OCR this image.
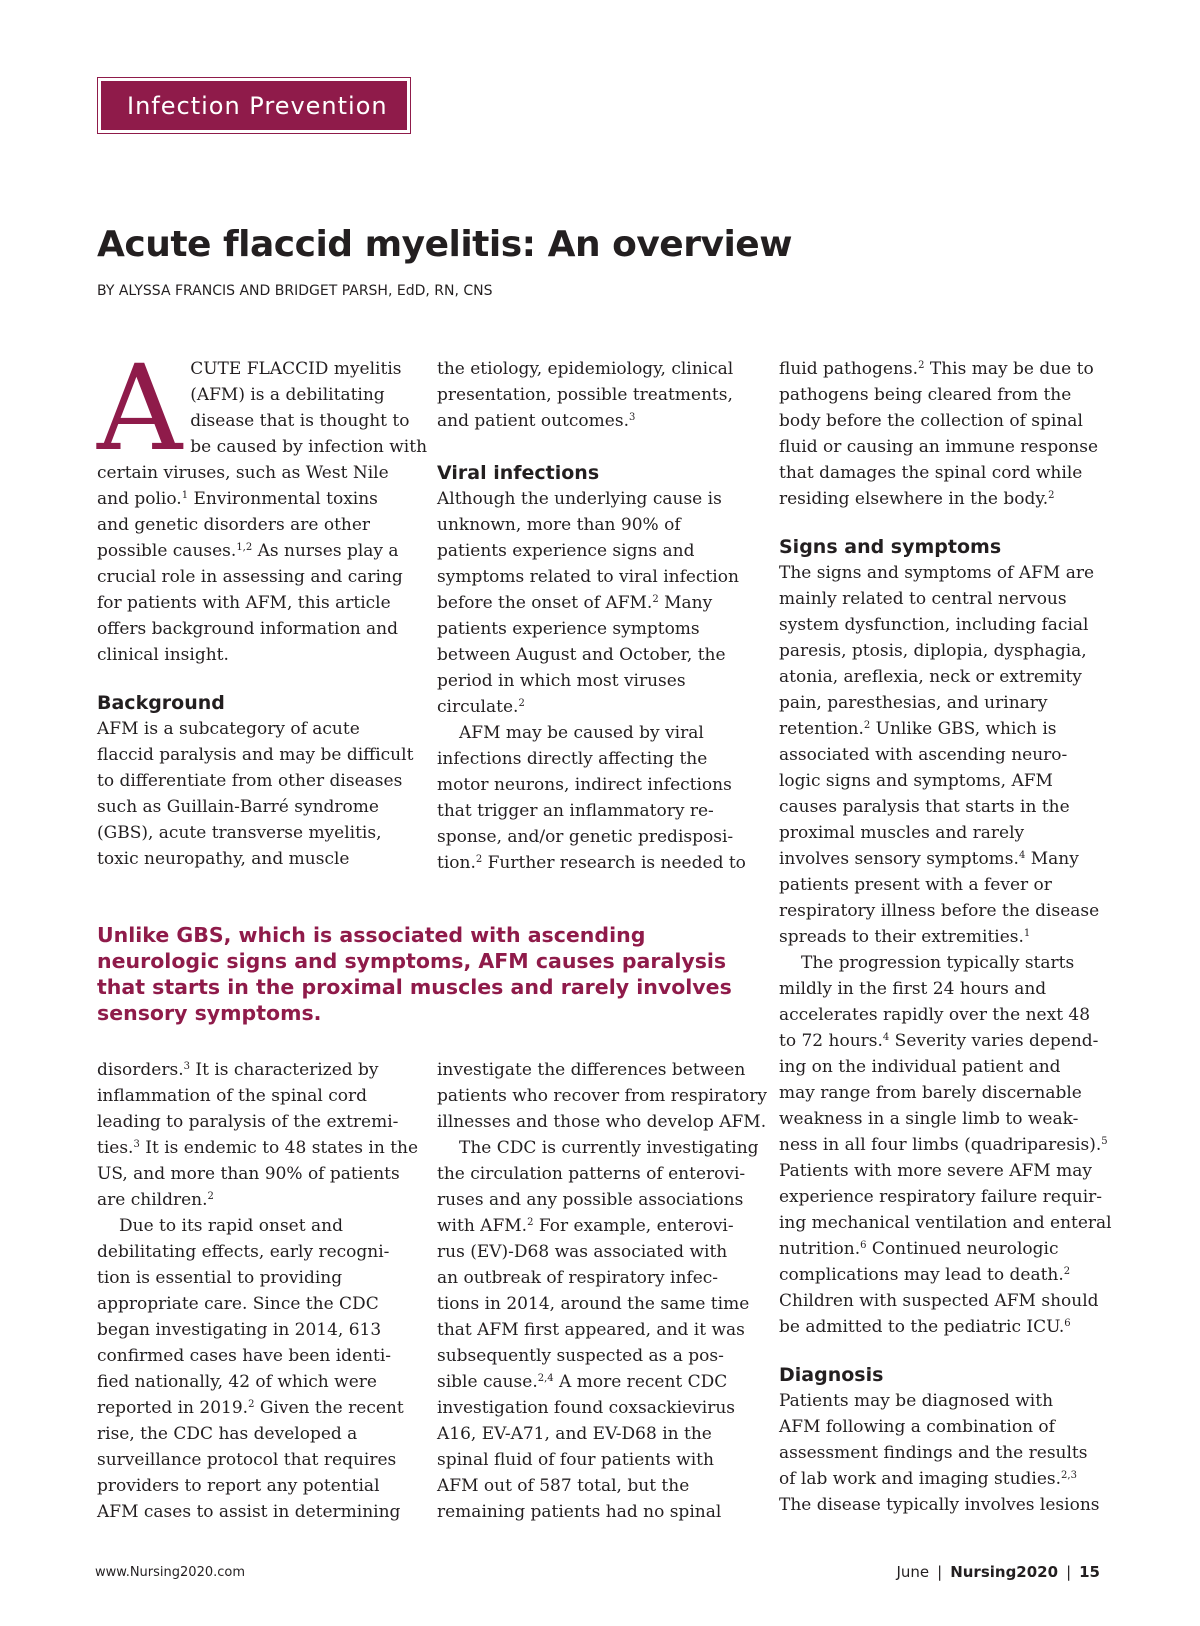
Infection Prevention
Acute flaccid myelitis: An overview
BY ALYSSA FRANCIS AND BRIDGET PARSH, EdD, RN, CNS

ACUTE FLACCID myelitis
(AFM) is a debilitating
disease that is thought to
be caused by infection with
certain viruses, such as West Nile
and polio.$^1$ Environmental toxins
and genetic disorders are other
possible causes.$^{1,2}$ As nurses play a
crucial role in assessing and caring
for patients with AFM, this article
offers background information and
clinical insight.

Background

AFM is a subcategory of acute
flaccid paralysis and may be difficult
to differentiate from other diseases
such as Guillain-Barré syndrome
(GBS), acute transverse myelitis,
toxic neuropathy, and muscle

the etiology, epidemiology, clinical
presentation, possible treatments,
and patient outcomes.$^3$

Viral infections

Although the underlying cause is
unknown, more than 90% of
patients experience signs and
symptoms related to viral infection
before the onset of AFM.$^2$ Many
patients experience symptoms
between August and October, the
period in which most viruses
circulate.$^2$

AFM may be caused by viral
infections directly affecting the
motor neurons, indirect infections
that trigger an inflammatory re-
sponse, and/or genetic predisposi-
tion.$^2$ Further research is needed to

Unlike GBS, which is associated with ascending
neurologic signs and symptoms, AFM causes paralysis
that starts in the proximal muscles and rarely involves
sensory symptoms.

disorders.$^3$ It is characterized by
inflammation of the spinal cord
leading to paralysis of the extremi-
ties.$^3$ It is endemic to 48 states in the
US, and more than 90% of patients
are children.$^2$

Due to its rapid onset and
debilitating effects, early recogni-
tion is essential to providing
appropriate care. Since the CDC
began investigating in 2014, 613
confirmed cases have been identi-
fied nationally, 42 of which were
reported in 2019.$^2$ Given the recent
rise, the CDC has developed a
surveillance protocol that requires
providers to report any potential
AFM cases to assist in determining

investigate the differences between
patients who recover from respiratory
illnesses and those who develop AFM.

The CDC is currently investigating
the circulation patterns of enterovi-
ruses and any possible associations
with AFM.$^2$ For example, enterovi-
rus (EV)-D68 was associated with
an outbreak of respiratory infec-
tions in 2014, around the same time
that AFM first appeared, and it was
subsequently suspected as a pos-
sible cause.$^{2,4}$ A more recent CDC
investigation found coxsackievirus
A16, EV-A71, and EV-D68 in the
spinal fluid of four patients with
AFM out of 587 total, but the
remaining patients had no spinal

fluid pathogens.$^2$ This may be due to
pathogens being cleared from the
body before the collection of spinal
fluid or causing an immune response
that damages the spinal cord while
residing elsewhere in the body.$^2$

Signs and symptoms

The signs and symptoms of AFM are
mainly related to central nervous
system dysfunction, including facial
paresis, ptosis, diplopia, dysphagia,
atonia, areflexia, neck or extremity
pain, paresthesias, and urinary
retention.$^2$ Unlike GBS, which is
associated with ascending neuro-
logic signs and symptoms, AFM
causes paralysis that starts in the
proximal muscles and rarely
involves sensory symptoms.$^4$ Many
patients present with a fever or
respiratory illness before the disease
spreads to their extremities.$^1$

The progression typically starts
mildly in the first 24 hours and
accelerates rapidly over the next 48
to 72 hours.$^4$ Severity varies depend-
ing on the individual patient and
may range from barely discernable
weakness in a single limb to weak-
ness in all four limbs (quadriparesis).$^5$
Patients with more severe AFM may
experience respiratory failure requir-
ing mechanical ventilation and enteral
nutrition.$^6$ Continued neurologic
complications may lead to death.$^2$
Children with suspected AFM should
be admitted to the pediatric ICU.$^6$

Diagnosis

Patients may be diagnosed with
AFM following a combination of
assessment findings and the results
of lab work and imaging studies.$^{2,3}$
The disease typically involves lesions

www.Nursing2020.com	June | Nursing2020 | 15
